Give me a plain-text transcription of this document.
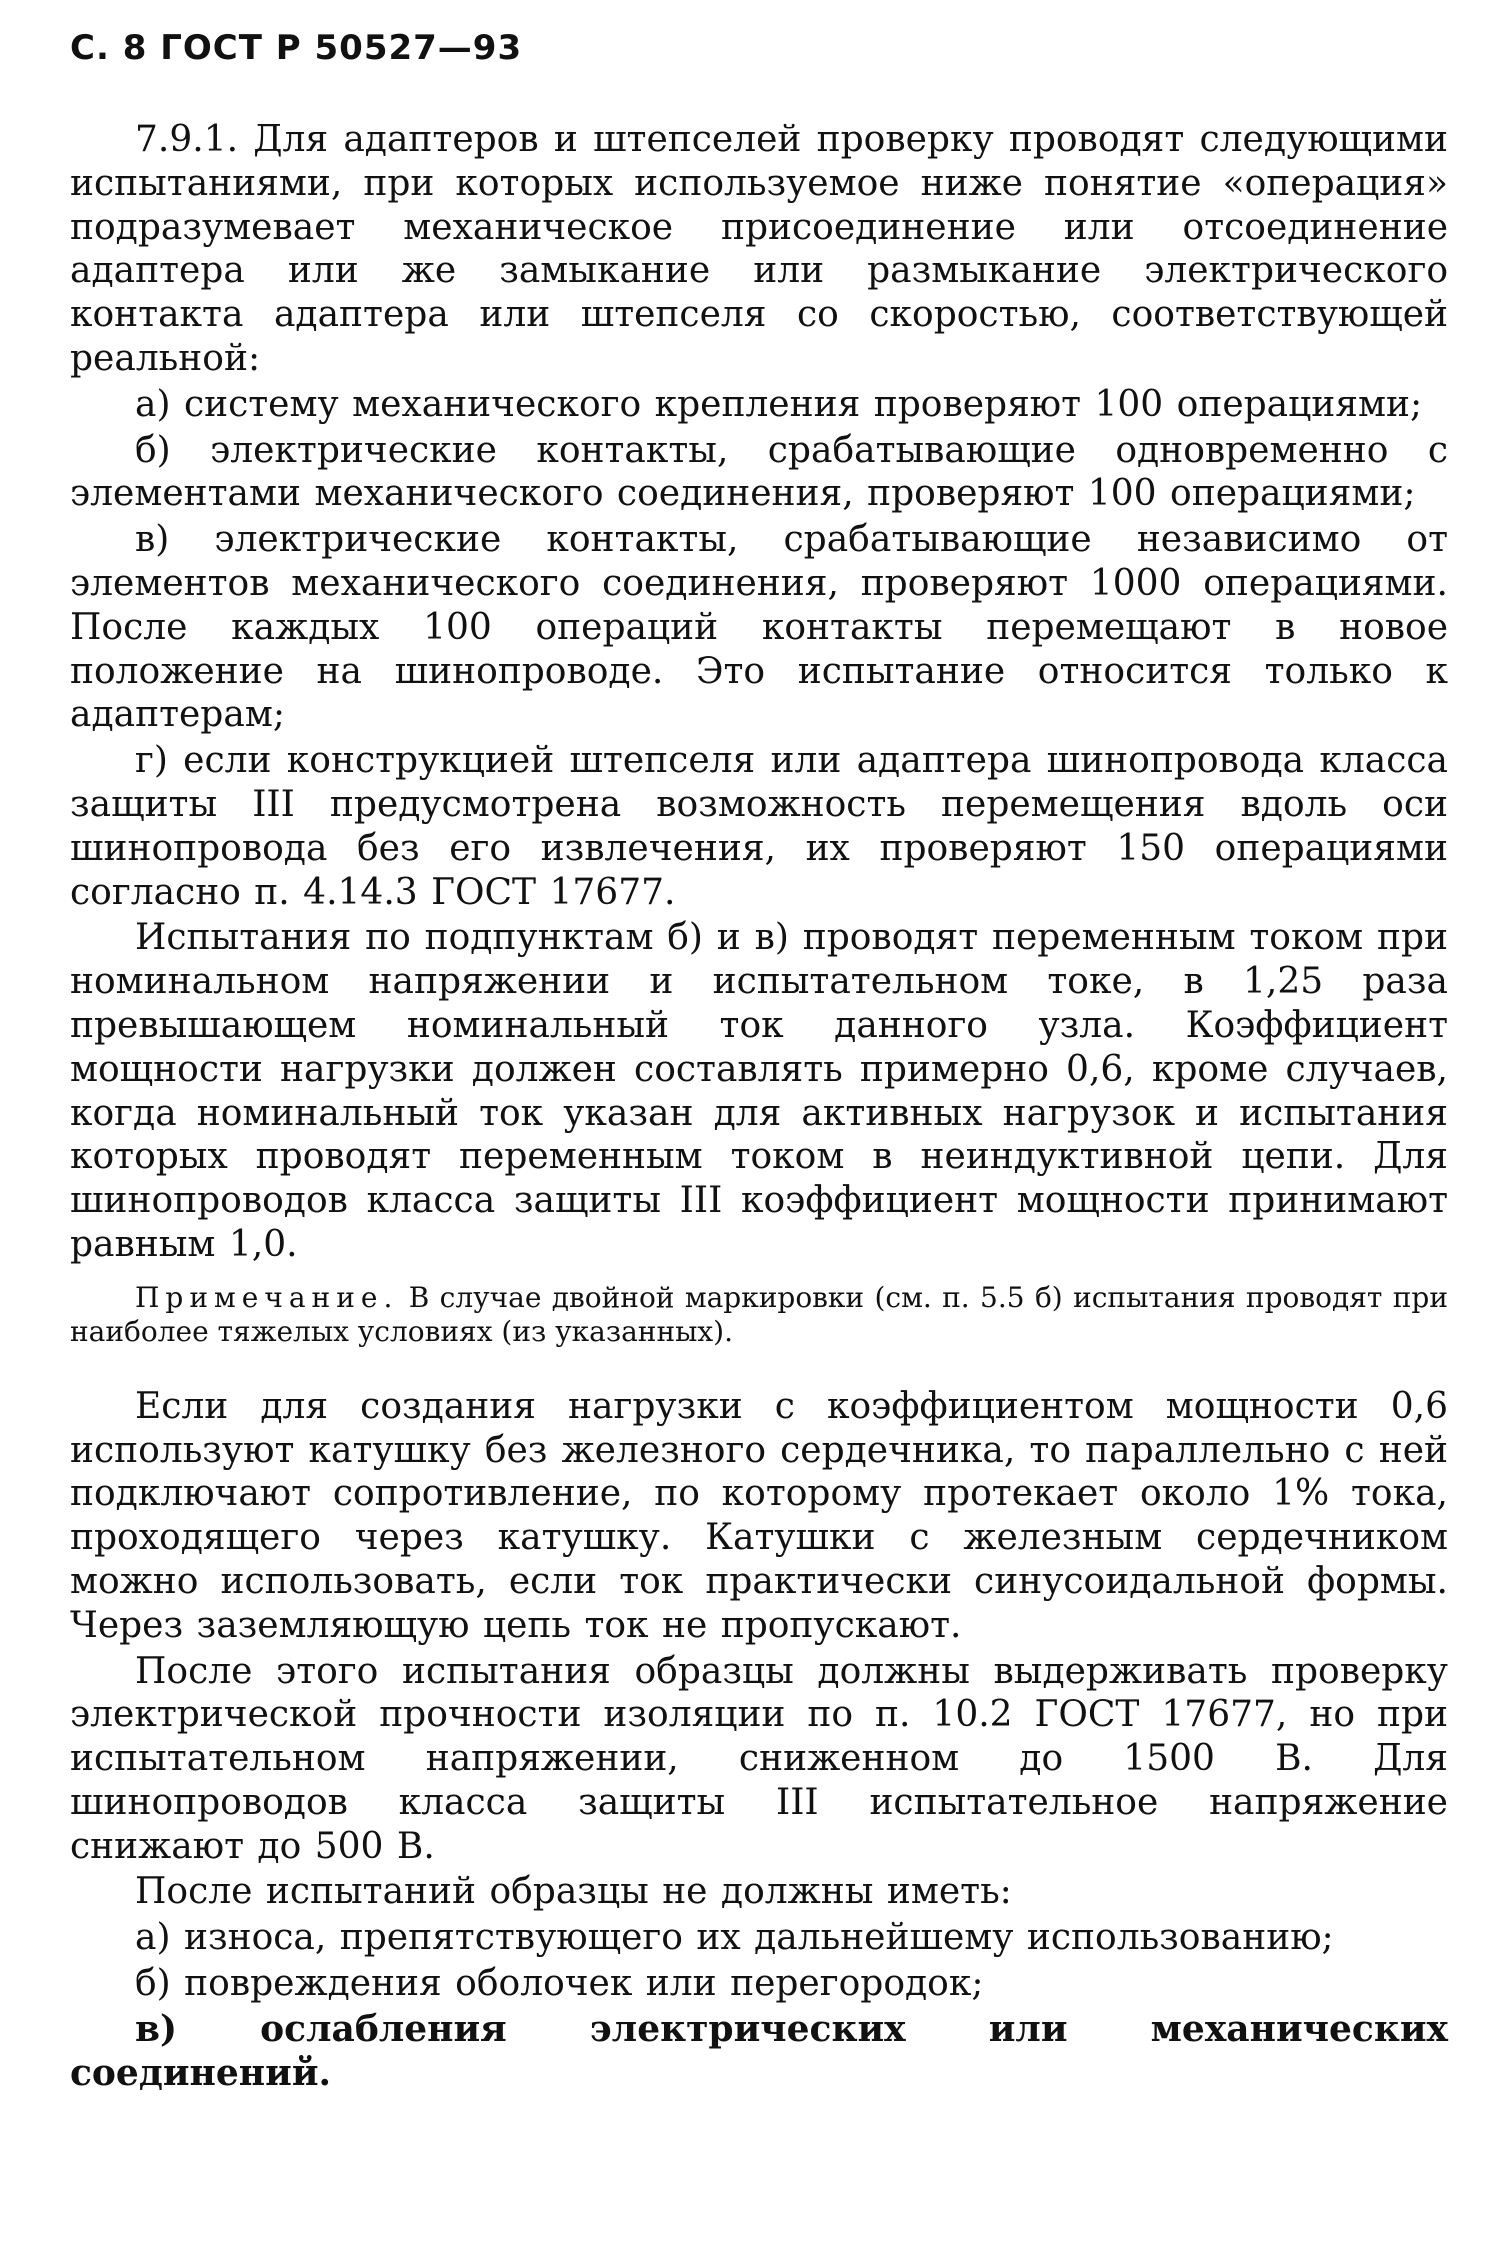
С. 8 ГОСТ Р 50527—93

7.9.1. Для адаптеров и штепселей проверку проводят следующими испытаниями, при которых используемое ниже понятие «операция» подразумевает механическое присоединение или отсоединение адаптера или же замыкание или размыкание электрического контакта адаптера или штепселя со скоростью, соответствующей реальной:

а) систему механического крепления проверяют 100 операциями;

б) электрические контакты, срабатывающие одновременно с элементами механического соединения, проверяют 100 операциями;

в) электрические контакты, срабатывающие независимо от элементов механического соединения, проверяют 1000 операциями. После каждых 100 операций контакты перемещают в новое положение на шинопроводе. Это испытание относится только к адаптерам;

г) если конструкцией штепселя или адаптера шинопровода класса защиты III предусмотрена возможность перемещения вдоль оси шинопровода без его извлечения, их проверяют 150 операциями согласно п. 4.14.3 ГОСТ 17677.

Испытания по подпунктам б) и в) проводят переменным током при номинальном напряжении и испытательном токе, в 1,25 раза превышающем номинальный ток данного узла. Коэффициент мощности нагрузки должен составлять примерно 0,6, кроме случаев, когда номинальный ток указан для активных нагрузок и испытания которых проводят переменным током в неиндуктивной цепи. Для шинопроводов класса защиты III коэффициент мощности принимают равным 1,0.

Примечание. В случае двойной маркировки (см. п. 5.5 б) испытания проводят при наиболее тяжелых условиях (из указанных).

Если для создания нагрузки с коэффициентом мощности 0,6 используют катушку без железного сердечника, то параллельно с ней подключают сопротивление, по которому протекает около 1% тока, проходящего через катушку. Катушки с железным сердечником можно использовать, если ток практически синусоидальной формы. Через заземляющую цепь ток не пропускают.

После этого испытания образцы должны выдерживать проверку электрической прочности изоляции по п. 10.2 ГОСТ 17677, но при испытательном напряжении, сниженном до 1500 В. Для шинопроводов класса защиты III испытательное напряжение снижают до 500 В.

После испытаний образцы не должны иметь:

а) износа, препятствующего их дальнейшему использованию;

б) повреждения оболочек или перегородок;

в) ослабления электрических или механических соединений.
